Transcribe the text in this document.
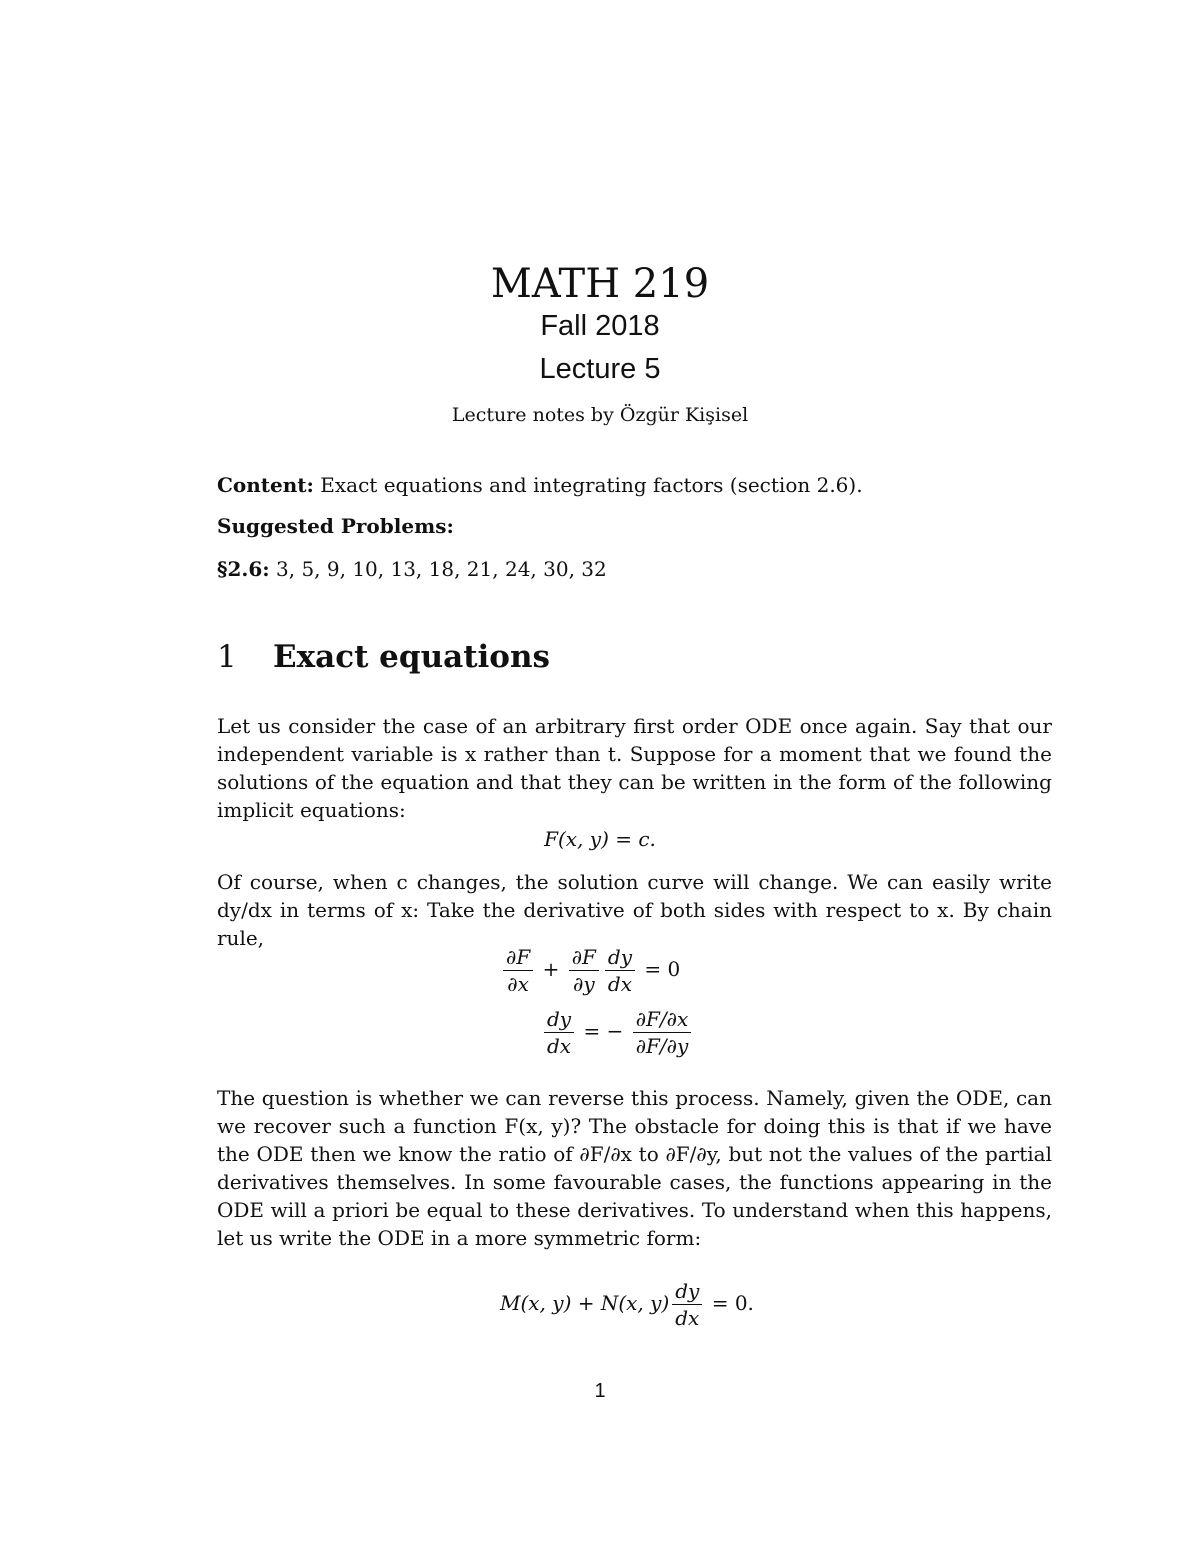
MATH 219
Fall 2018
Lecture 5
Lecture notes by Özgür Kişisel
Content: Exact equations and integrating factors (section 2.6).
Suggested Problems:
§2.6: 3, 5, 9, 10, 13, 18, 21, 24, 30, 32
1 Exact equations
Let us consider the case of an arbitrary first order ODE once again. Say that our independent variable is x rather than t. Suppose for a moment that we found the solutions of the equation and that they can be written in the form of the following implicit equations:
F(x, y) = c.
Of course, when c changes, the solution curve will change. We can easily write dy/dx in terms of x: Take the derivative of both sides with respect to x. By chain rule,
$\frac{\partial F}{\partial x} + \frac{\partial F}{\partial y} \frac{dy}{dx} = 0$
$\frac{dy}{dx}$ = − $\frac{\partial F/\partial x}{\partial F/\partial y}$
The question is whether we can reverse this process. Namely, given the ODE, can we recover such a function F(x, y)? The obstacle for doing this is that if we have the ODE then we know the ratio of ∂F/∂x to ∂F/∂y, but not the values of the partial derivatives themselves. In some favourable cases, the functions appearing in the ODE will a priori be equal to these derivatives. To understand when this happens, let us write the ODE in a more symmetric form:
M(x, y) + N(x, $y) \frac{dy}{dx} = 0$.
1
